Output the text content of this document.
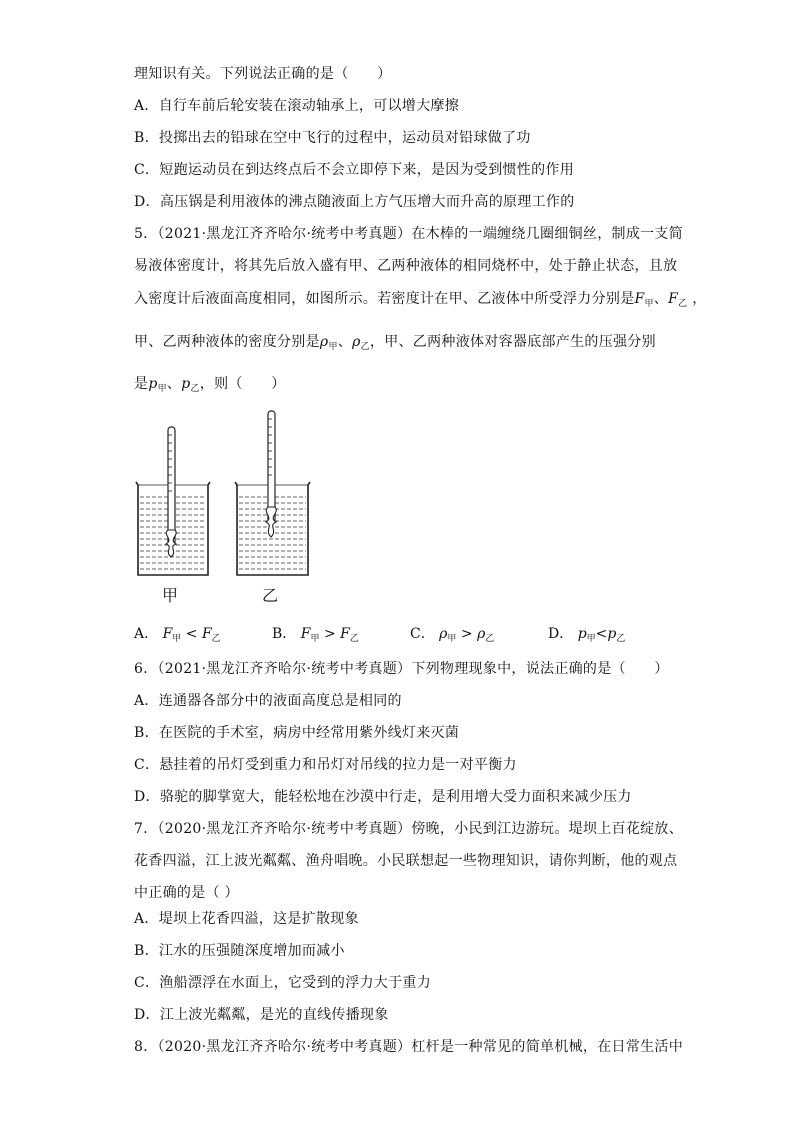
理知识有关。下列说法正确的是（　　）
A．自行车前后轮安装在滚动轴承上，可以增大摩擦
B．投掷出去的铅球在空中飞行的过程中，运动员对铅球做了功
C．短跑运动员在到达终点后不会立即停下来，是因为受到惯性的作用
D．高压锅是利用液体的沸点随液面上方气压增大而升高的原理工作的
5．（2021·黑龙江齐齐哈尔·统考中考真题）在木棒的一端缠绕几圈细铜丝，制成一支简
易液体密度计，将其先后放入盛有甲、乙两种液体的相同烧杯中，处于静止状态，且放
入密度计后液面高度相同，如图所示。若密度计在甲、乙液体中所受浮力分别是$F_甲$、$F_乙$ ，
甲、乙两种液体的密度分别是$\rho_甲$、$\rho_乙$，甲、乙两种液体对容器底部产生的压强分别
是$p_甲$、$p_乙$，则（　　）
甲	乙
A． $F_甲 < F_乙$	B． $F_甲 > F_乙$	C． $\rho_甲 > \rho_乙$	D． $p_甲<p_乙$
6．（2021·黑龙江齐齐哈尔·统考中考真题）下列物理现象中，说法正确的是（　　）
A．连通器各部分中的液面高度总是相同的
B．在医院的手术室，病房中经常用紫外线灯来灭菌
C．悬挂着的吊灯受到重力和吊灯对吊线的拉力是一对平衡力
D．骆驼的脚掌宽大，能轻松地在沙漠中行走，是利用增大受力面积来减少压力
7．（2020·黑龙江齐齐哈尔·统考中考真题）傍晚，小民到江边游玩。堤坝上百花绽放、
花香四溢，江上波光粼粼、渔舟唱晚。小民联想起一些物理知识，请你判断，他的观点
中正确的是（ ）
A．堤坝上花香四溢，这是扩散现象
B．江水的压强随深度增加而减小
C．渔船漂浮在水面上，它受到的浮力大于重力
D．江上波光粼粼，是光的直线传播现象
8．（2020·黑龙江齐齐哈尔·统考中考真题）杠杆是一种常见的简单机械，在日常生活中
